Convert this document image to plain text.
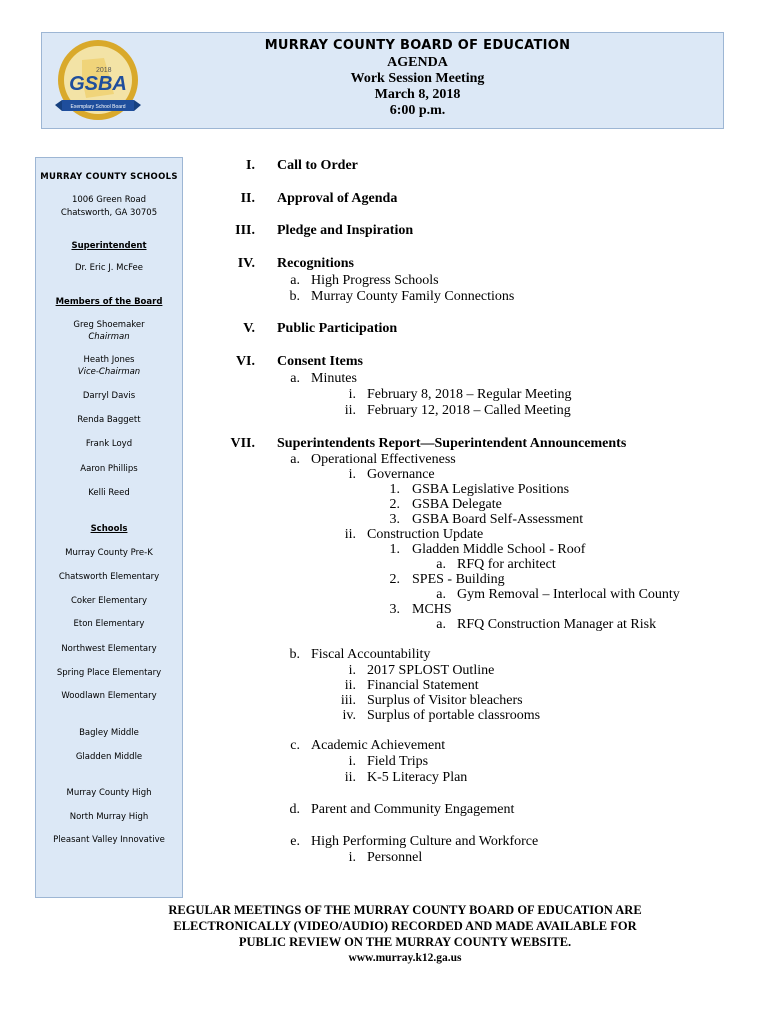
2018
GSBA
Exemplary School Board
MURRAY COUNTY BOARD OF EDUCATION
AGENDA
Work Session Meeting
March 8, 2018
6:00 p.m.
MURRAY COUNTY SCHOOLS
1006 Green Road
Chatsworth, GA 30705
Superintendent
Dr. Eric J. McFee
Members of the Board
Greg Shoemaker
Chairman
Heath Jones
Vice-Chairman
Darryl Davis
Renda Baggett
Frank Loyd
Aaron Phillips
Kelli Reed
Schools
Murray County Pre-K
Chatsworth Elementary
Coker Elementary
Eton Elementary
Northwest Elementary
Spring Place Elementary
Woodlawn Elementary
Bagley Middle
Gladden Middle
Murray County High
North Murray High
Pleasant Valley Innovative
I. Call to Order
II. Approval of Agenda
III. Pledge and Inspiration
IV. Recognitions
a. High Progress Schools
b. Murray County Family Connections
V. Public Participation
VI. Consent Items
a. Minutes
i. February 8, 2018 – Regular Meeting
ii. February 12, 2018 – Called Meeting
VII. Superintendents Report—Superintendent Announcements
a. Operational Effectiveness
i. Governance
1. GSBA Legislative Positions
2. GSBA Delegate
3. GSBA Board Self-Assessment
ii. Construction Update
1. Gladden Middle School - Roof
a. RFQ for architect
2. SPES - Building
a. Gym Removal – Interlocal with County
3. MCHS
a. RFQ Construction Manager at Risk
b. Fiscal Accountability
i. 2017 SPLOST Outline
ii. Financial Statement
iii. Surplus of Visitor bleachers
iv. Surplus of portable classrooms
c. Academic Achievement
i. Field Trips
ii. K-5 Literacy Plan
d. Parent and Community Engagement
e. High Performing Culture and Workforce
i. Personnel
REGULAR MEETINGS OF THE MURRAY COUNTY BOARD OF EDUCATION ARE
ELECTRONICALLY (VIDEO/AUDIO) RECORDED AND MADE AVAILABLE FOR
PUBLIC REVIEW ON THE MURRAY COUNTY WEBSITE.
www.murray.k12.ga.us
